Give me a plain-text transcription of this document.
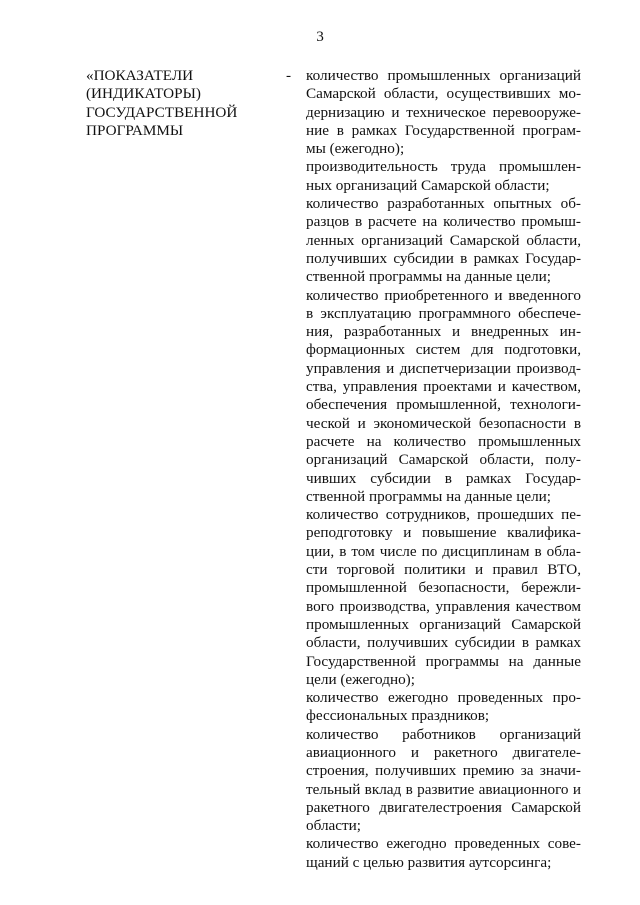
3
«ПОКАЗАТЕЛИ
(ИНДИКАТОРЫ)
ГОСУДАРСТВЕННОЙ
ПРОГРАММЫ
- количество промышленных организаций
Самарской области, осуществивших мо-
дернизацию и техническое перевооруже-
ние в рамках Государственной програм-
мы (ежегодно);
производительность труда промышлен-
ных организаций Самарской области;
количество разработанных опытных об-
разцов в расчете на количество промыш-
ленных организаций Самарской области,
получивших субсидии в рамках Государ-
ственной программы на данные цели;
количество приобретенного и введенного
в эксплуатацию программного обеспече-
ния, разработанных и внедренных ин-
формационных систем для подготовки,
управления и диспетчеризации производ-
ства, управления проектами и качеством,
обеспечения промышленной, технологи-
ческой и экономической безопасности в
расчете на количество промышленных
организаций Самарской области, полу-
чивших субсидии в рамках Государ-
ственной программы на данные цели;
количество сотрудников, прошедших пе-
реподготовку и повышение квалифика-
ции, в том числе по дисциплинам в обла-
сти торговой политики и правил ВТО,
промышленной безопасности, бережли-
вого производства, управления качеством
промышленных организаций Самарской
области, получивших субсидии в рамках
Государственной программы на данные
цели (ежегодно);
количество ежегодно проведенных про-
фессиональных праздников;
количество работников организаций
авиационного и ракетного двигателе-
строения, получивших премию за значи-
тельный вклад в развитие авиационного и
ракетного двигателестроения Самарской
области;
количество ежегодно проведенных сове-
щаний с целью развития аутсорсинга;
